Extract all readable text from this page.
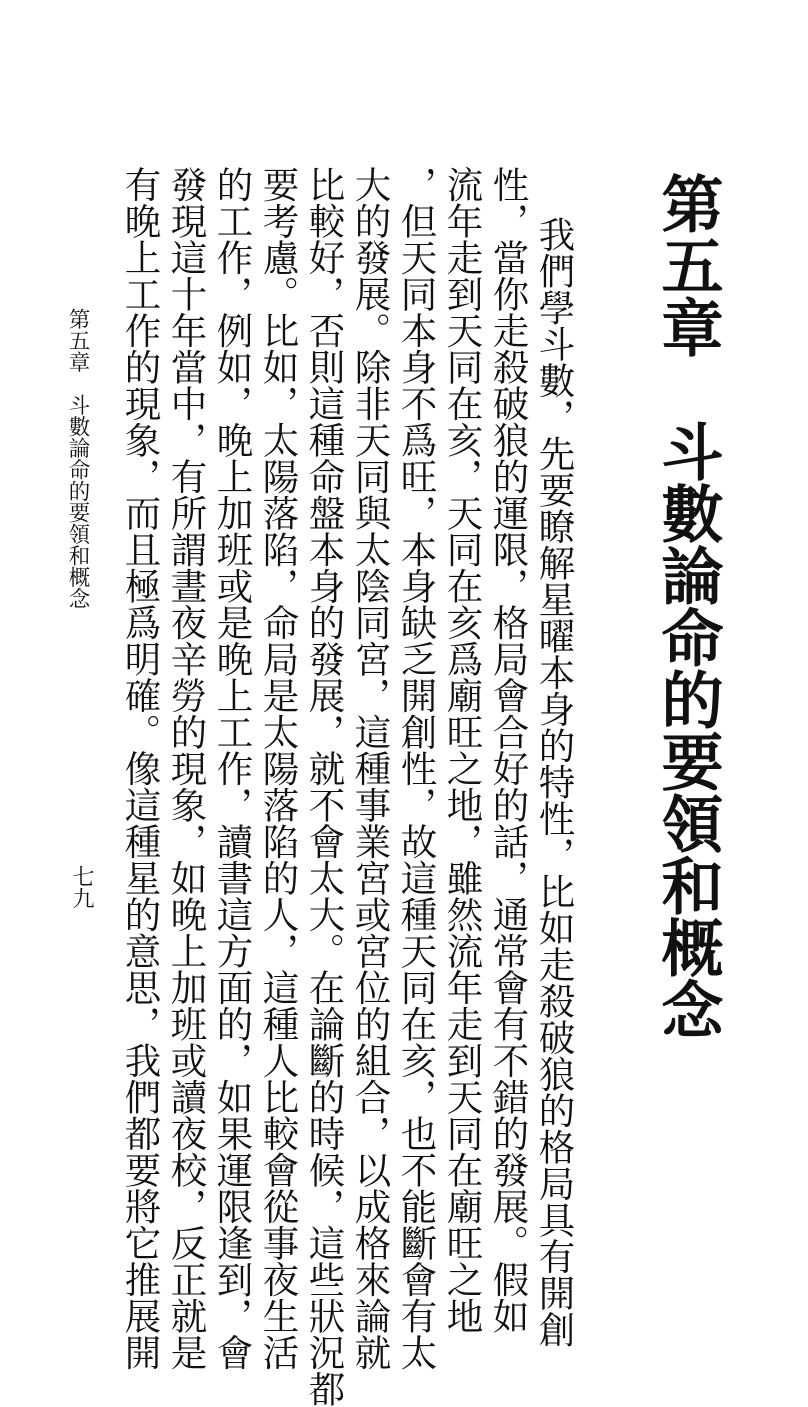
第五章　斗數論命的要領和概念
我們學斗數，先要瞭解星曜本身的特性，比如走殺破狼的格局具有開創
性，當你走殺破狼的運限，格局會合好的話，通常會有不錯的發展。假如
流年走到天同在亥，天同在亥爲廟旺之地，雖然流年走到天同在廟旺之地
，但天同本身不爲旺，本身缺乏開創性，故這種天同在亥，也不能斷會有太
大的發展。除非天同與太陰同宮，這種事業宮或宮位的組合，以成格來論就
比較好，否則這種命盤本身的發展，就不會太大。在論斷的時候，這些狀況都
要考慮。比如，太陽落陷，命局是太陽落陷的人，這種人比較會從事夜生活
的工作，例如，晚上加班或是晚上工作，讀書這方面的，如果運限逢到，會
發現這十年當中，有所謂晝夜辛勞的現象，如晚上加班或讀夜校，反正就是
有晚上工作的現象，而且極爲明確。像這種星的意思，我們都要將它推展開
第五章　斗數論命的要領和概念
七九
